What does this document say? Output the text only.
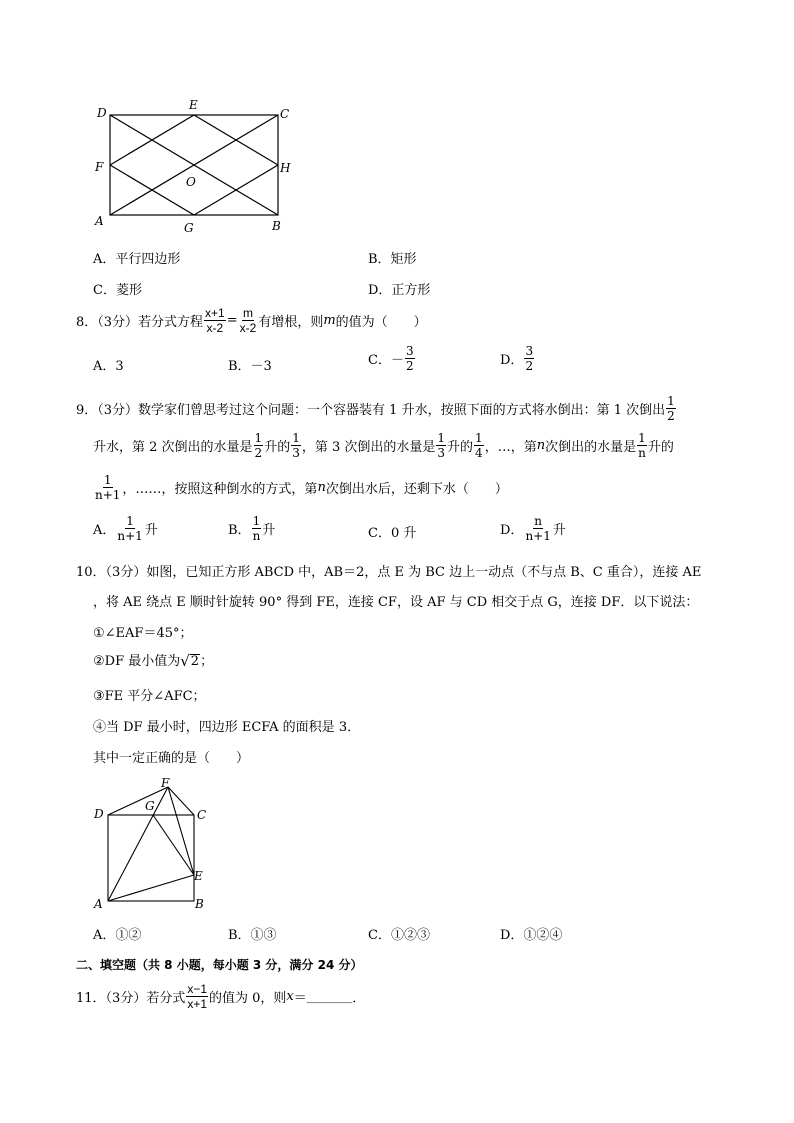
D
E
C
F
O
H
A	G	B
A．平行四边形	B．矩形
C．菱形	D．正方形
8．（3分）若分式方程 $\frac{x+1}{x-2} = \frac{m}{x-2}$ 有增根，则 m 的值为（　　）
A．3	B．－3	C．－ $\frac{3}{2}$	D． $\frac{3}{2}$
9．（3分）数学家们曾思考过这个问题：一个容器装有 1 升水，按照下面的方式将水倒出：第 1 次倒出 $\frac{1}{2}$
升水，第 2 次倒出的水量是 $\frac{1}{2}$ 升的 $\frac{1}{3}$ ，第 3 次倒出的水量是 $\frac{1}{3}$ 升的 $\frac{1}{4}$ ，…，第 n 次倒出的水量是 $\frac{1}{n}$ 升的
$\frac{1}{n+1}$ ，……，按照这种倒水的方式，第 n 次倒出水后，还剩下水（　　）
A． $\frac{1}{n+1}$ 升	B． $\frac{1}{n}$ 升	C．0 升	D． $\frac{n}{n+1}$ 升
10．（3分）如图，已知正方形 ABCD 中，AB＝2，点 E 为 BC 边上一动点（不与点 B、C 重合），连接 AE
，将 AE 绕点 E 顺时针旋转 90° 得到 FE，连接 CF，设 AF 与 CD 相交于点 G，连接 DF．以下说法：
①∠EAF＝45°；
②DF 最小值为 √ 2 ；
③FE 平分∠AFC；
④当 DF 最小时，四边形 ECFA 的面积是 3．
其中一定正确的是（　　）
F
G
D	C
E
A	B
A．①②	B．①③	C．①②③	D．①②④
二、填空题（共 8 小题，每小题 3 分，满分 24 分）
11．（3分）若分式 $\frac{x-1}{x+1}$ 的值为 0，则 x ＝ _______ ．
